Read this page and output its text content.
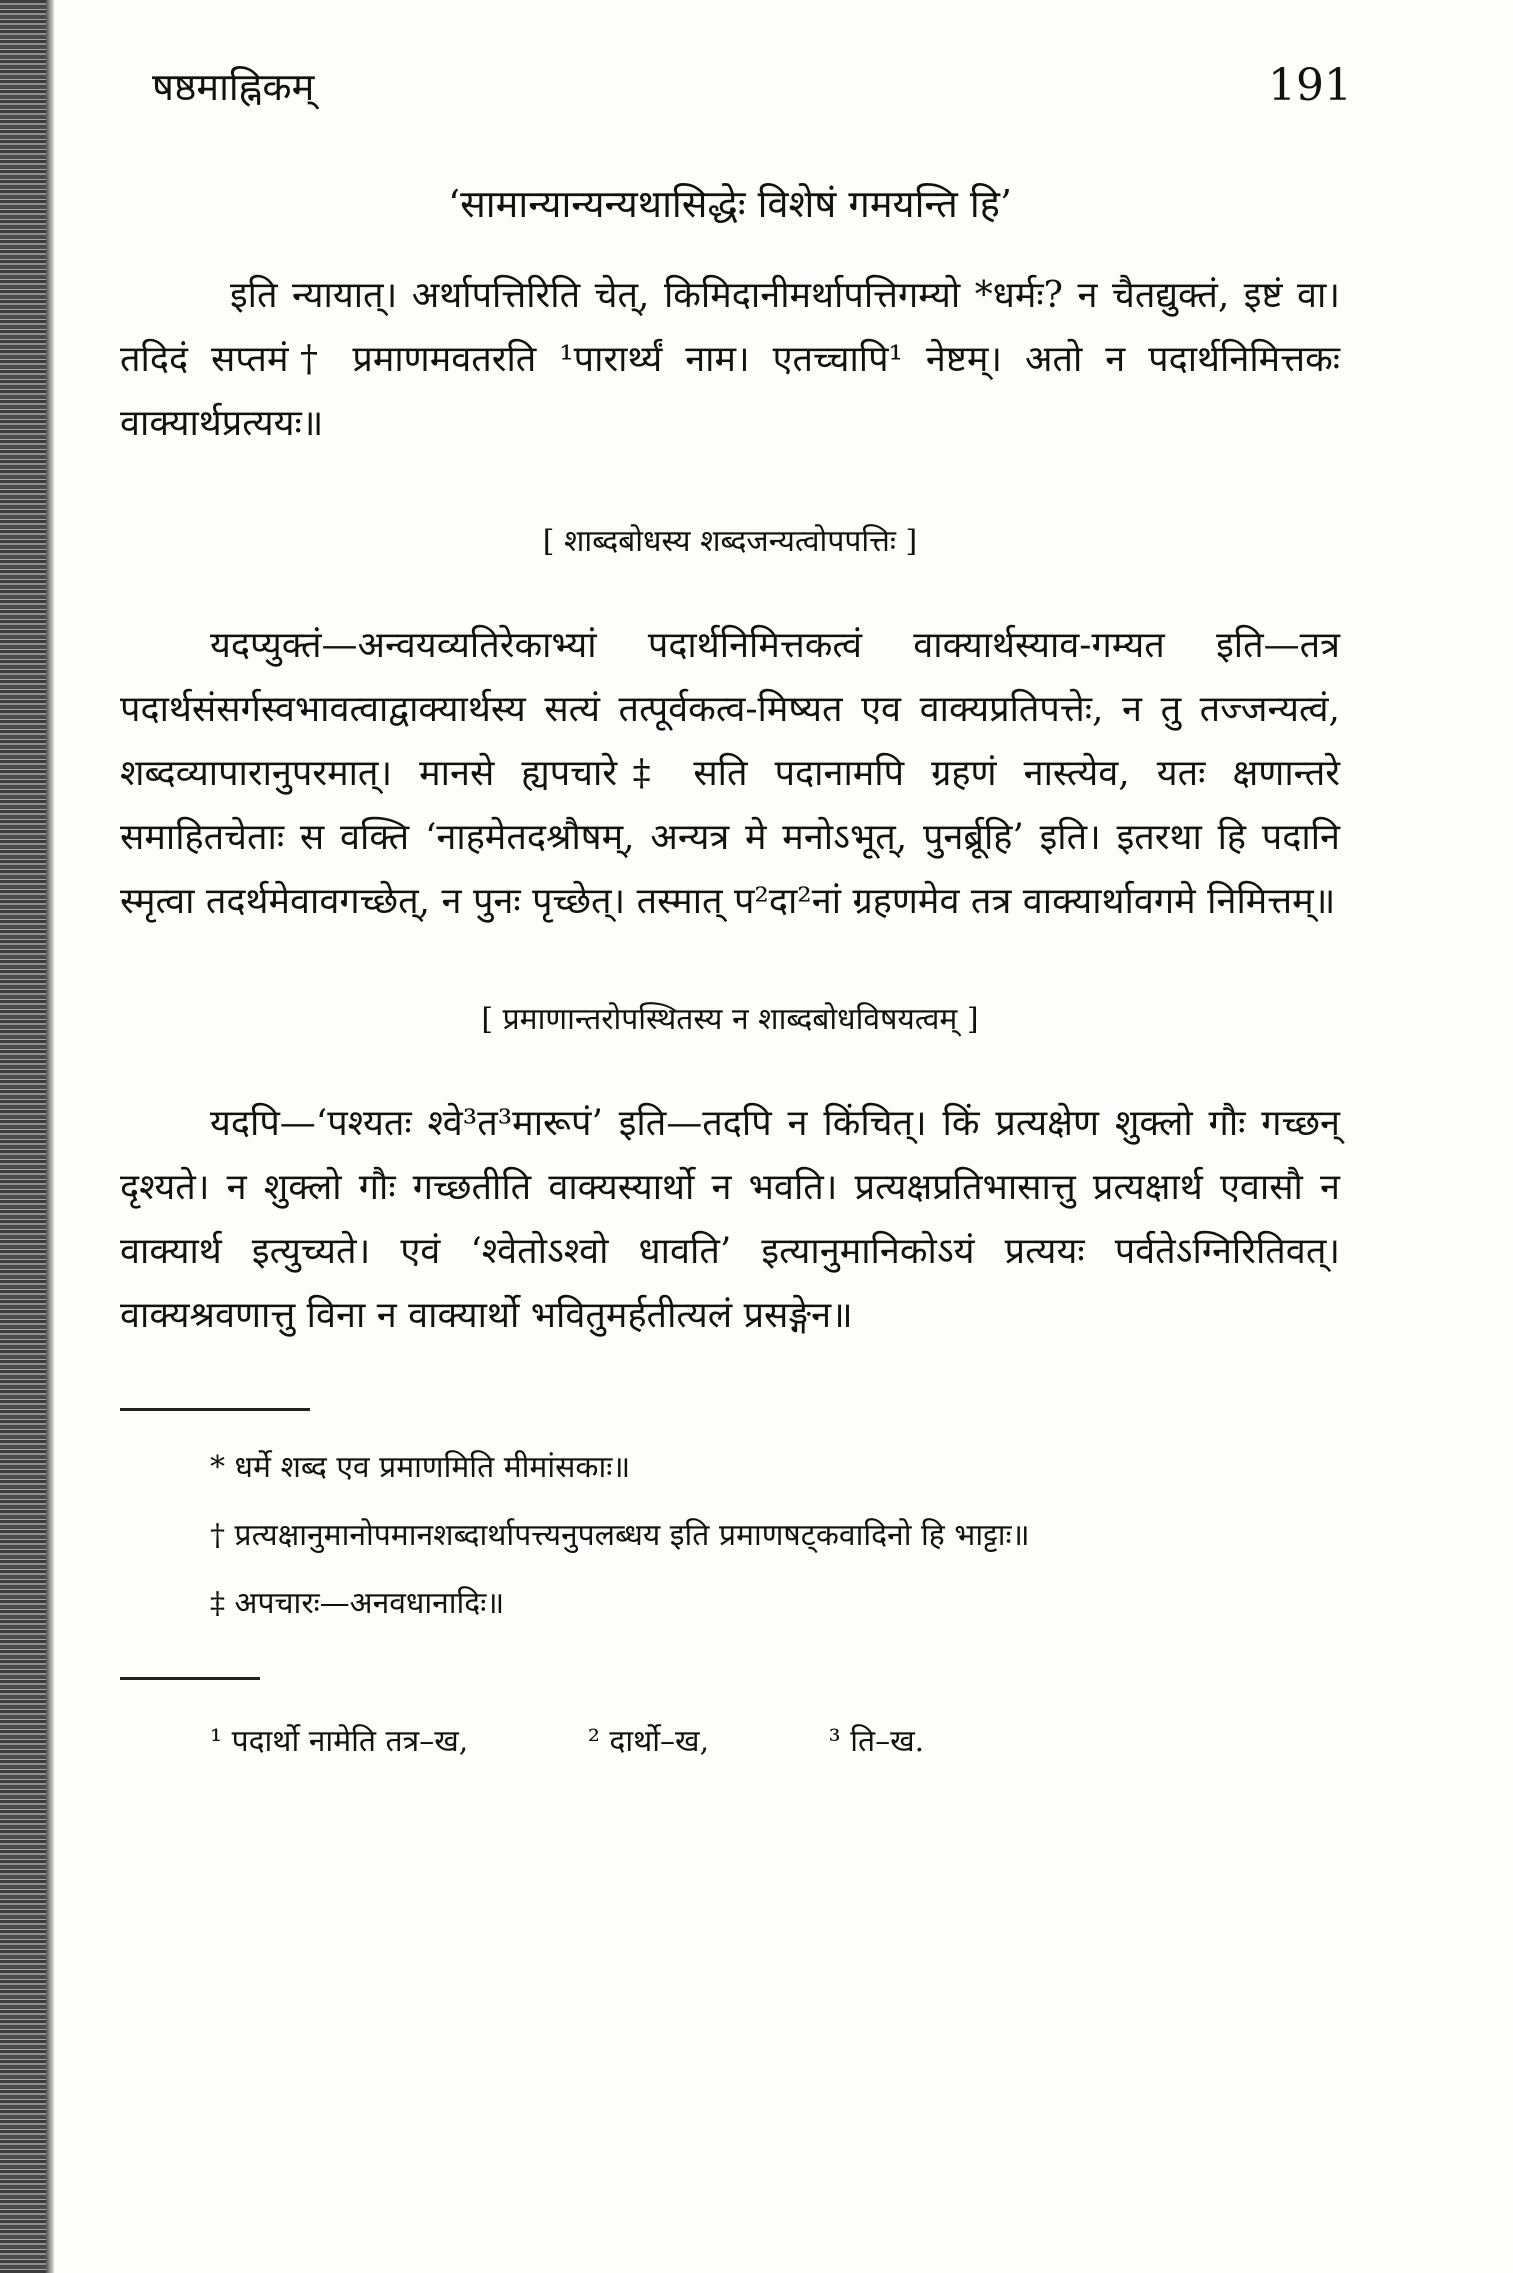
षष्ठमाह्निकम्	191
‘सामान्यान्यन्यथासिद्धेः विशेषं गमयन्ति हि’

इति न्यायात्। अर्थापत्तिरिति चेत्, किमिदानीमर्थापत्तिगम्यो *धर्मः? न चैतद्युक्तं, इष्टं वा। तदिदं सप्तमं† प्रमाणमवतरति ¹पारार्थ्यं नाम। एतच्चापि¹ नेष्टम्। अतो न पदार्थनिमित्तकः वाक्यार्थप्रत्ययः॥

[ शाब्दबोधस्य शब्दजन्यत्वोपपत्तिः ]

यदप्युक्तं—अन्वयव्यतिरेकाभ्यां पदार्थनिमित्तकत्वं वाक्यार्थस्याव-गम्यत इति—तत्र पदार्थसंसर्गस्वभावत्वाद्वाक्यार्थस्य सत्यं तत्पूर्वकत्व-मिष्यत एव वाक्यप्रतिपत्तेः, न तु तज्जन्यत्वं, शब्दव्यापारानुपरमात्। मानसे ह्यपचारे‡ सति पदानामपि ग्रहणं नास्त्येव, यतः क्षणान्तरे समाहितचेताः स वक्ति ‘नाहमेतदश्रौषम्, अन्यत्र मे मनोऽभूत्, पुनर्ब्रूहि’ इति। इतरथा हि पदानि स्मृत्वा तदर्थमेवावगच्छेत्, न पुनः पृच्छेत्। तस्मात् प²दा²नां ग्रहणमेव तत्र वाक्यार्थावगमे निमित्तम्॥

[ प्रमाणान्तरोपस्थितस्य न शाब्दबोधविषयत्वम् ]

यदपि—‘पश्यतः श्वे³त³मारूपं’ इति—तदपि न किंचित्। किं प्रत्यक्षेण शुक्लो गौः गच्छन् दृश्यते। न शुक्लो गौः गच्छतीति वाक्यस्यार्थो न भवति। प्रत्यक्षप्रतिभासात्तु प्रत्यक्षार्थ एवासौ न वाक्यार्थ इत्युच्यते। एवं ‘श्वेतोऽश्वो धावति’ इत्यानुमानिकोऽयं प्रत्ययः पर्वतेऽग्निरितिवत्। वाक्यश्रवणात्तु विना न वाक्यार्थो भवितुमर्हतीत्यलं प्रसङ्गेन॥

* धर्मे शब्द एव प्रमाणमिति मीमांसकाः॥
† प्रत्यक्षानुमानोपमानशब्दार्थापत्त्यनुपलब्धय इति प्रमाणषट्कवादिनो हि भाट्टाः॥
‡ अपचारः—अनवधानादिः॥
¹ पदार्थो नामेति तत्र–ख,	² दार्थो–ख,	³ ति–ख.
